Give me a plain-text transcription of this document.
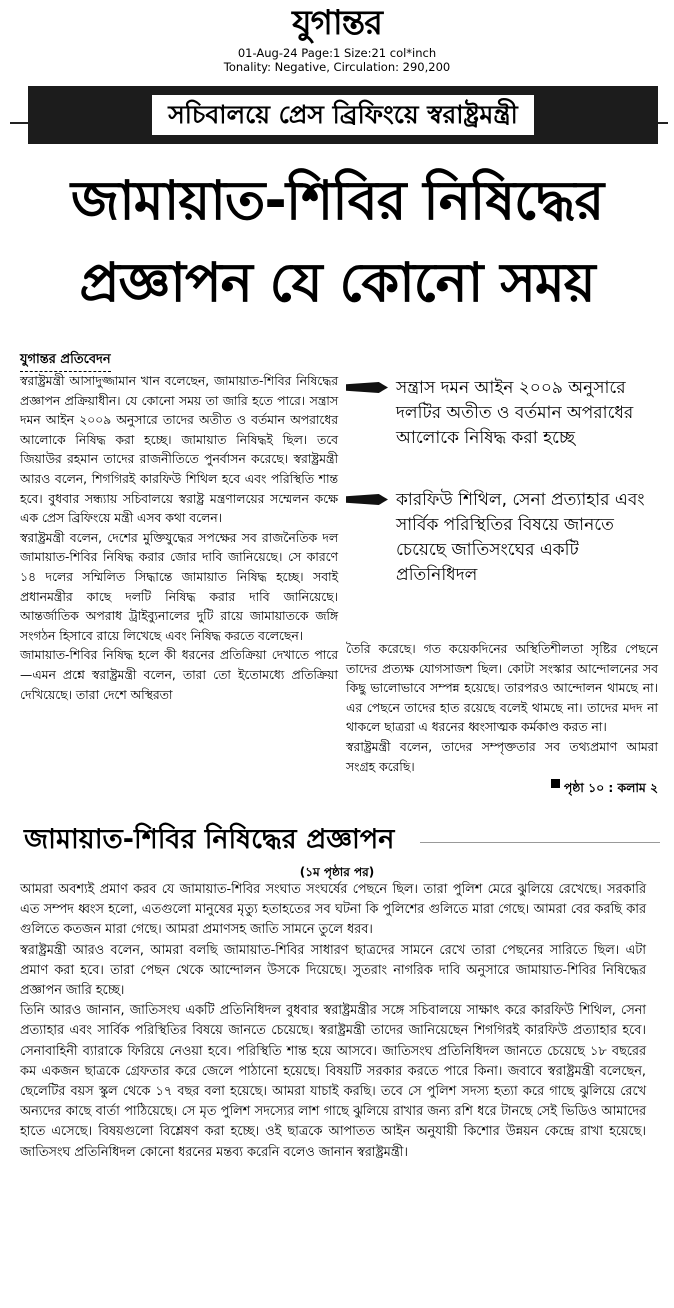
যুগান্তর
01-Aug-24 Page:1 Size:21 col*inch
Tonality: Negative, Circulation: 290,200
সচিবালয়ে প্রেস ব্রিফিংয়ে স্বরাষ্ট্রমন্ত্রী
জামায়াত-শিবির নিষিদ্ধের
প্রজ্ঞাপন যে কোনো সময়
যুগান্তর প্রতিবেদন

স্বরাষ্ট্রমন্ত্রী আসাদুজ্জামান খান বলেছেন, জামায়াত-শিবির নিষিদ্ধের প্রজ্ঞাপন প্রক্রিয়াধীন। যে কোনো সময় তা জারি হতে পারে। সন্ত্রাস দমন আইন ২০০৯ অনুসারে তাদের অতীত ও বর্তমান অপরাধের আলোকে নিষিদ্ধ করা হচ্ছে। জামায়াত নিষিদ্ধই ছিল। তবে জিয়াউর রহমান তাদের রাজনীতিতে পুনর্বাসন করেছে। স্বরাষ্ট্রমন্ত্রী আরও বলেন, শিগগিরই কারফিউ শিথিল হবে এবং পরিস্থিতি শান্ত হবে। বুধবার সন্ধ্যায় সচিবালয়ে স্বরাষ্ট্র মন্ত্রণালয়ের সম্মেলন কক্ষে এক প্রেস ব্রিফিংয়ে মন্ত্রী এসব কথা বলেন।

স্বরাষ্ট্রমন্ত্রী বলেন, দেশের মুক্তিযুদ্ধের সপক্ষের সব রাজনৈতিক দল জামায়াত-শিবির নিষিদ্ধ করার জোর দাবি জানিয়েছে। সে কারণে ১৪ দলের সম্মিলিত সিদ্ধান্তে জামায়াত নিষিদ্ধ হচ্ছে। সবাই প্রধানমন্ত্রীর কাছে দলটি নিষিদ্ধ করার দাবি জানিয়েছে। আন্তর্জাতিক অপরাধ ট্রাইব্যুনালের দুটি রায়ে জামায়াতকে জঙ্গি সংগঠন হিসাবে রায়ে লিখেছে এবং নিষিদ্ধ করতে বলেছেন।

জামায়াত-শিবির নিষিদ্ধ হলে কী ধরনের প্রতিক্রিয়া দেখাতে পারে—এমন প্রশ্নে স্বরাষ্ট্রমন্ত্রী বলেন, তারা তো ইতোমধ্যে প্রতিক্রিয়া দেখিয়েছে। তারা দেশে অস্থিরতা

সন্ত্রাস দমন আইন ২০০৯ অনুসারে দলটির অতীত ও বর্তমান অপরাধের আলোকে নিষিদ্ধ করা হচ্ছে
কারফিউ শিথিল, সেনা প্রত্যাহার এবং সার্বিক পরিস্থিতির বিষয়ে জানতে চেয়েছে জাতিসংঘের একটি প্রতিনিধিদল

তৈরি করেছে। গত কয়েকদিনের অস্থিতিশীলতা সৃষ্টির পেছনে তাদের প্রত্যক্ষ যোগসাজশ ছিল। কোটা সংস্কার আন্দোলনের সব কিছু ভালোভাবে সম্পন্ন হয়েছে। তারপরও আন্দোলন থামছে না। এর পেছনে তাদের হাত রয়েছে বলেই থামছে না। তাদের মদদ না থাকলে ছাত্ররা এ ধরনের ধ্বংসাত্মক কর্মকাণ্ড করত না।

স্বরাষ্ট্রমন্ত্রী বলেন, তাদের সম্পৃক্ততার সব তথ্যপ্রমাণ আমরা সংগ্রহ করেছি।

পৃষ্ঠা ১০ : কলাম ২
জামায়াত-শিবির নিষিদ্ধের প্রজ্ঞাপন
(১ম পৃষ্ঠার পর)

আমরা অবশ্যই প্রমাণ করব যে জামায়াত-শিবির সংঘাত সংঘর্ষের পেছনে ছিল। তারা পুলিশ মেরে ঝুলিয়ে রেখেছে। সরকারি এত সম্পদ ধ্বংস হলো, এতগুলো মানুষের মৃত্যু হতাহতের সব ঘটনা কি পুলিশের গুলিতে মারা গেছে। আমরা বের করছি কার গুলিতে কতজন মারা গেছে। আমরা প্রমাণসহ জাতি সামনে তুলে ধরব।

স্বরাষ্ট্রমন্ত্রী আরও বলেন, আমরা বলছি জামায়াত-শিবির সাধারণ ছাত্রদের সামনে রেখে তারা পেছনের সারিতে ছিল। এটা প্রমাণ করা হবে। তারা পেছন থেকে আন্দোলন উসকে দিয়েছে। সুতরাং নাগরিক দাবি অনুসারে জামায়াত-শিবির নিষিদ্ধের প্রজ্ঞাপন জারি হচ্ছে।

তিনি আরও জানান, জাতিসংঘ একটি প্রতিনিধিদল বুধবার স্বরাষ্ট্রমন্ত্রীর সঙ্গে সচিবালয়ে সাক্ষাৎ করে কারফিউ শিথিল, সেনা প্রত্যাহার এবং সার্বিক পরিস্থিতির বিষয়ে জানতে চেয়েছে। স্বরাষ্ট্রমন্ত্রী তাদের জানিয়েছেন শিগগিরই কারফিউ প্রত্যাহার হবে। সেনাবাহিনী ব্যারাকে ফিরিয়ে নেওয়া হবে। পরিস্থিতি শান্ত হয়ে আসবে। জাতিসংঘ প্রতিনিধিদল জানতে চেয়েছে ১৮ বছরের কম একজন ছাত্রকে গ্রেফতার করে জেলে পাঠানো হয়েছে। বিষয়টি সরকার করতে পারে কিনা। জবাবে স্বরাষ্ট্রমন্ত্রী বলেছেন, ছেলেটির বয়স স্কুল থেকে ১৭ বছর বলা হয়েছে। আমরা যাচাই করছি। তবে সে পুলিশ সদস্য হত্যা করে গাছে ঝুলিয়ে রেখে অন্যদের কাছে বার্তা পাঠিয়েছে। সে মৃত পুলিশ সদস্যের লাশ গাছে ঝুলিয়ে রাখার জন্য রশি ধরে টানছে সেই ভিডিও আমাদের হাতে এসেছে। বিষয়গুলো বিশ্লেষণ করা হচ্ছে। ওই ছাত্রকে আপাতত আইন অনুযায়ী কিশোর উন্নয়ন কেন্দ্রে রাখা হয়েছে। জাতিসংঘ প্রতিনিধিদল কোনো ধরনের মন্তব্য করেনি বলেও জানান স্বরাষ্ট্রমন্ত্রী।
